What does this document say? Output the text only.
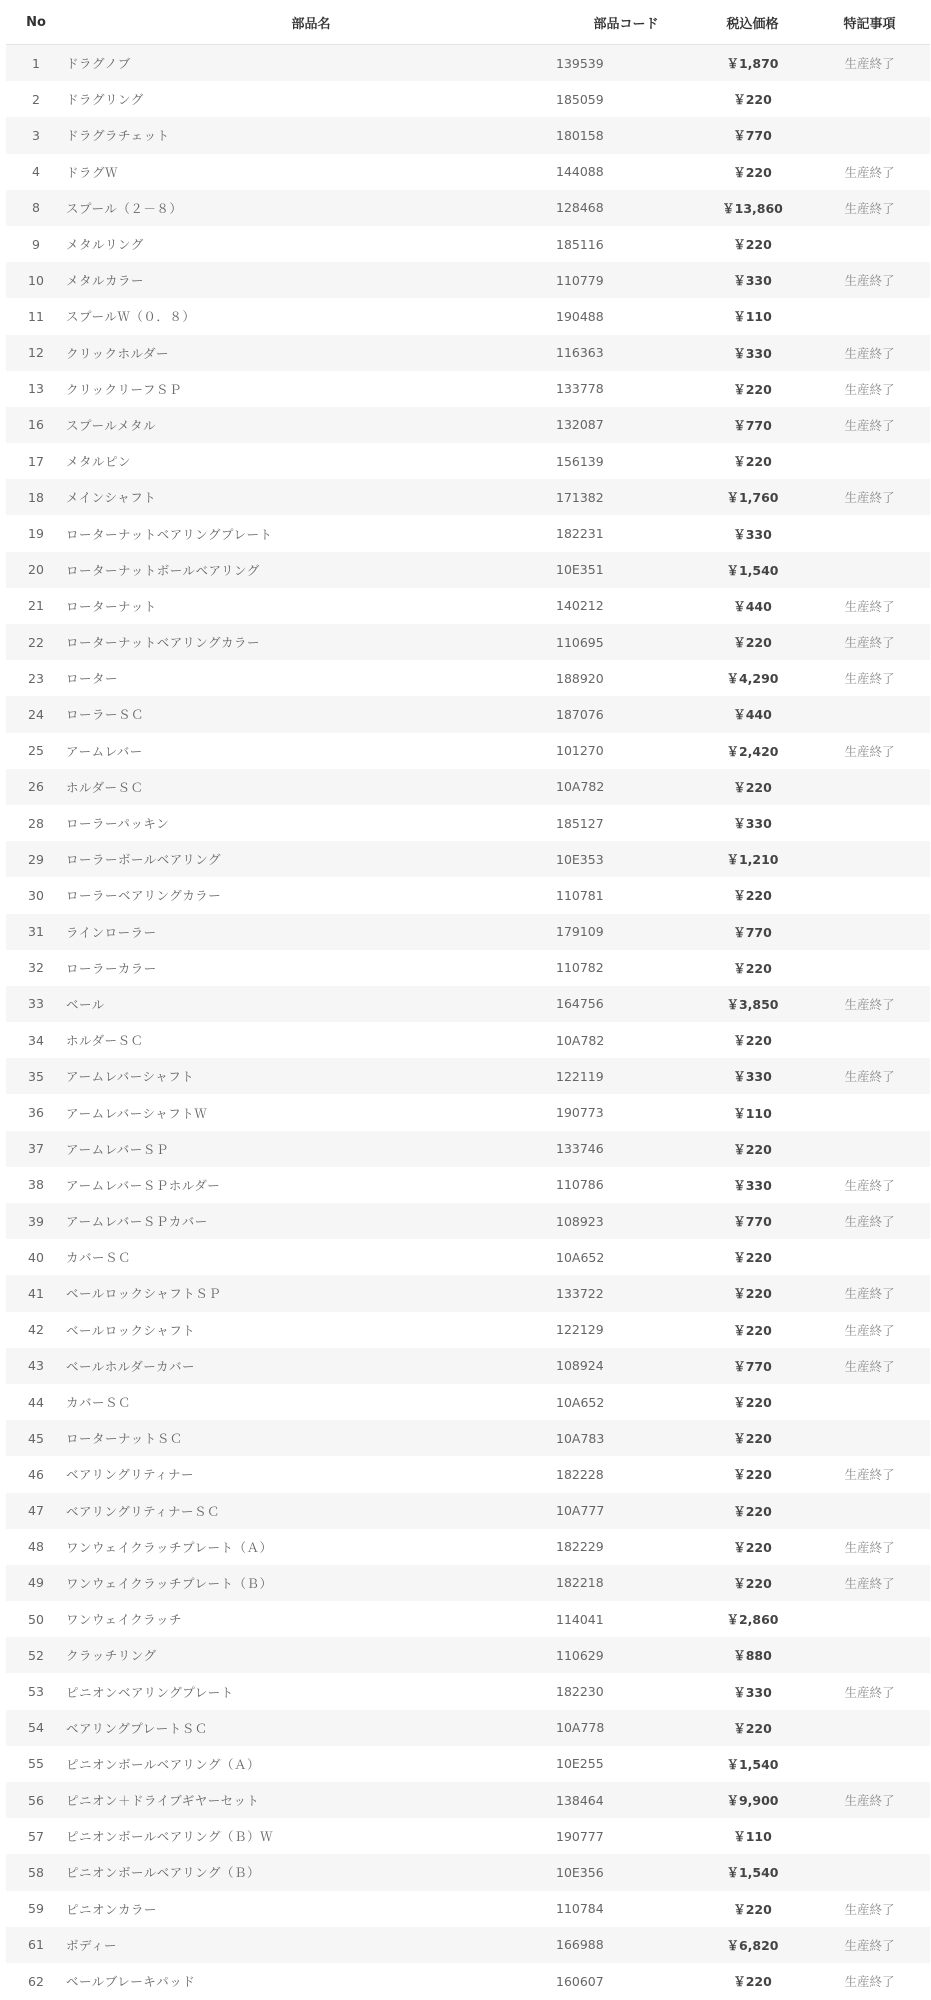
No	部品名	部品コード	税込価格	特記事項
1	ドラグノブ	139539	￥1,870	生産終了
2	ドラグリング	185059	￥220	
3	ドラグラチェット	180158	￥770	
4	ドラグＷ	144088	￥220	生産終了
8	スプール（２－８）	128468	￥13,860	生産終了
9	メタルリング	185116	￥220	
10	メタルカラー	110779	￥330	生産終了
11	スプールＷ（０．８）	190488	￥110	
12	クリックホルダー	116363	￥330	生産終了
13	クリックリーフＳＰ	133778	￥220	生産終了
16	スプールメタル	132087	￥770	生産終了
17	メタルピン	156139	￥220	
18	メインシャフト	171382	￥1,760	生産終了
19	ローターナットベアリングプレート	182231	￥330	
20	ローターナットボールベアリング	10E351	￥1,540	
21	ローターナット	140212	￥440	生産終了
22	ローターナットベアリングカラー	110695	￥220	生産終了
23	ローター	188920	￥4,290	生産終了
24	ローラーＳＣ	187076	￥440	
25	アームレバー	101270	￥2,420	生産終了
26	ホルダーＳＣ	10A782	￥220	
28	ローラーパッキン	185127	￥330	
29	ローラーボールベアリング	10E353	￥1,210	
30	ローラーベアリングカラー	110781	￥220	
31	ラインローラー	179109	￥770	
32	ローラーカラー	110782	￥220	
33	ベール	164756	￥3,850	生産終了
34	ホルダーＳＣ	10A782	￥220	
35	アームレバーシャフト	122119	￥330	生産終了
36	アームレバーシャフトＷ	190773	￥110	
37	アームレバーＳＰ	133746	￥220	
38	アームレバーＳＰホルダー	110786	￥330	生産終了
39	アームレバーＳＰカバー	108923	￥770	生産終了
40	カバーＳＣ	10A652	￥220	
41	ベールロックシャフトＳＰ	133722	￥220	生産終了
42	ベールロックシャフト	122129	￥220	生産終了
43	ベールホルダーカバー	108924	￥770	生産終了
44	カバーＳＣ	10A652	￥220	
45	ローターナットＳＣ	10A783	￥220	
46	ベアリングリティナー	182228	￥220	生産終了
47	ベアリングリティナーＳＣ	10A777	￥220	
48	ワンウェイクラッチプレート（Ａ）	182229	￥220	生産終了
49	ワンウェイクラッチプレート（Ｂ）	182218	￥220	生産終了
50	ワンウェイクラッチ	114041	￥2,860	
52	クラッチリング	110629	￥880	
53	ピニオンベアリングプレート	182230	￥330	生産終了
54	ベアリングプレートＳＣ	10A778	￥220	
55	ピニオンボールベアリング（Ａ）	10E255	￥1,540	
56	ピニオン＋ドライブギヤーセット	138464	￥9,900	生産終了
57	ピニオンボールベアリング（Ｂ）Ｗ	190777	￥110	
58	ピニオンボールベアリング（Ｂ）	10E356	￥1,540	
59	ピニオンカラー	110784	￥220	生産終了
61	ボディー	166988	￥6,820	生産終了
62	ベールブレーキパッド	160607	￥220	生産終了
